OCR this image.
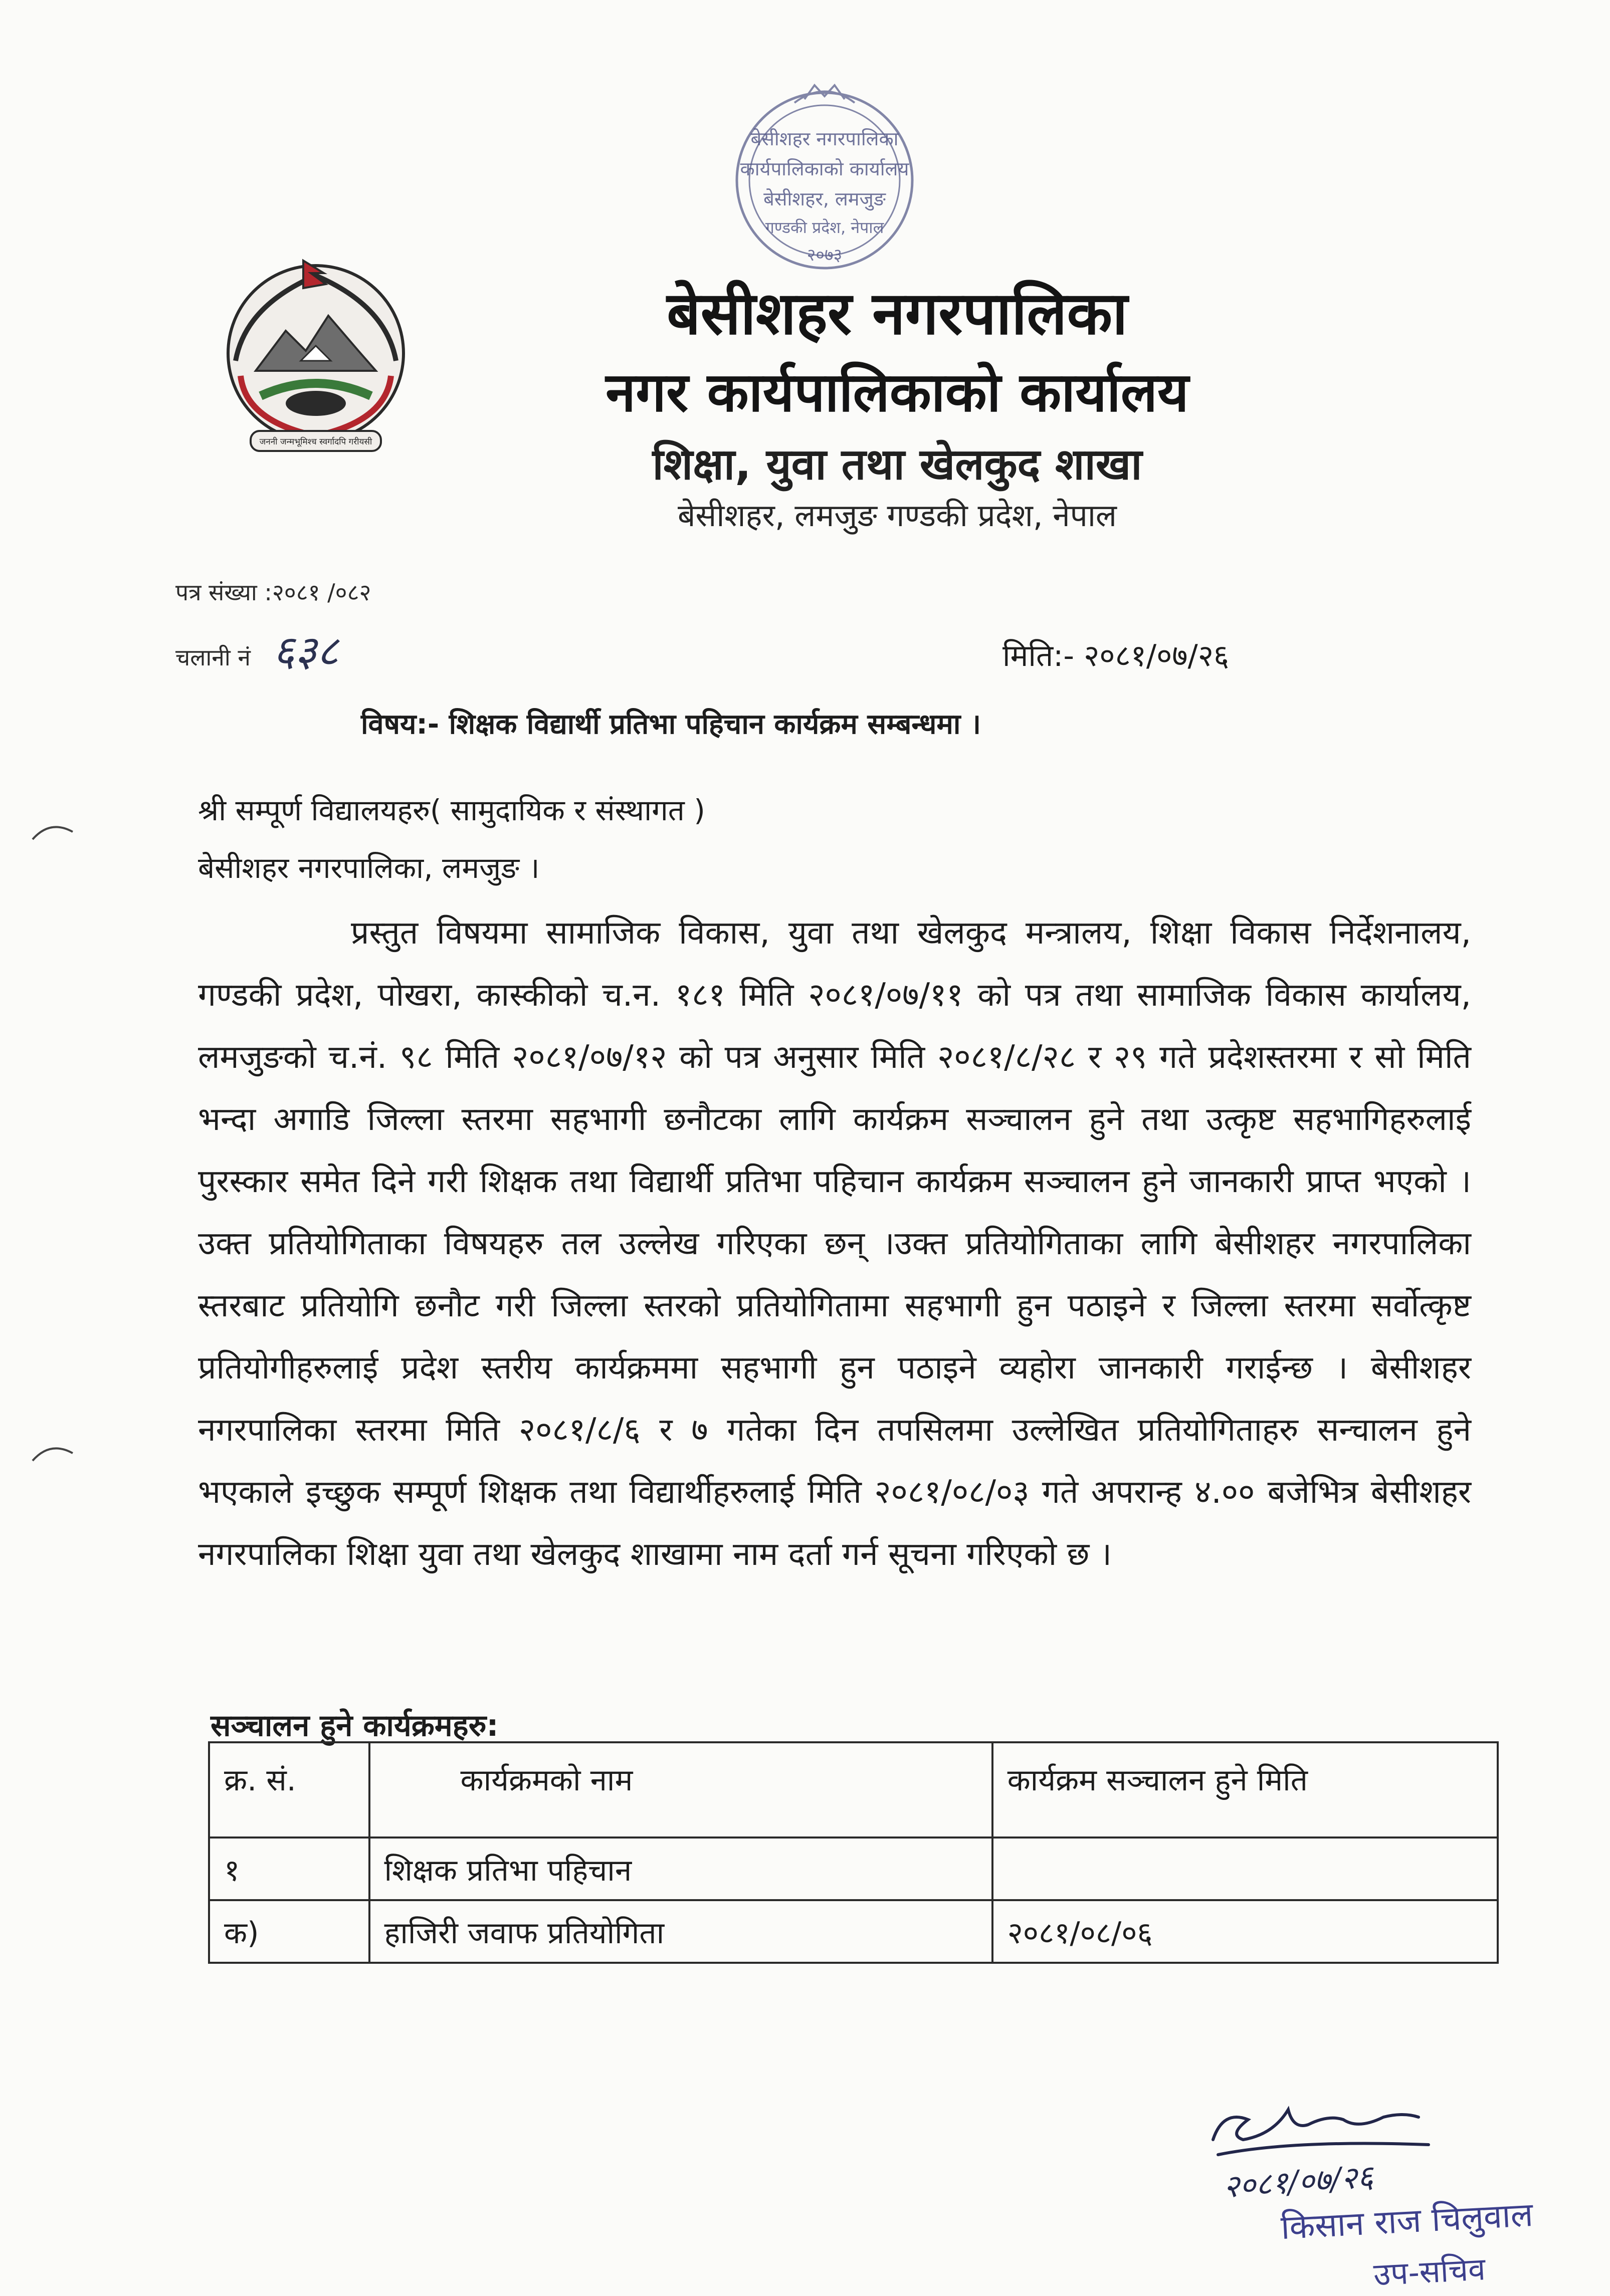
बेसीशहर नगरपालिका
कार्यपालिकाको कार्यालय
बेसीशहर, लमजुङ
गण्डकी प्रदेश, नेपाल
२०७३
जननी जन्मभूमिश्च स्वर्गादपि गरीयसी
बेसीशहर नगरपालिका
नगर कार्यपालिकाको कार्यालय
शिक्षा, युवा तथा खेलकुद शाखा
बेसीशहर, लमजुङ गण्डकी प्रदेश, नेपाल
पत्र संख्या :२०८१ /०८२
चलानी नं ६३८	मिति:- २०८१/०७/२६
विषय:- शिक्षक विद्यार्थी प्रतिभा पहिचान कार्यक्रम सम्बन्धमा ।
श्री सम्पूर्ण विद्यालयहरु( सामुदायिक र संस्थागत )
बेसीशहर नगरपालिका, लमजुङ ।
प्रस्तुत विषयमा सामाजिक विकास, युवा तथा खेलकुद मन्त्रालय, शिक्षा विकास निर्देशनालय, गण्डकी प्रदेश, पोखरा, कास्कीको च.न. १८१ मिति २०८१/०७/११ को पत्र तथा सामाजिक विकास कार्यालय, लमजुङको च.नं. ९८ मिति २०८१/०७/१२ को पत्र अनुसार मिति २०८१/८/२८ र २९ गते प्रदेशस्तरमा र सो मिति भन्दा अगाडि जिल्ला स्तरमा सहभागी छनौटका लागि कार्यक्रम सञ्चालन हुने तथा उत्कृष्ट सहभागिहरुलाई पुरस्कार समेत दिने गरी शिक्षक तथा विद्यार्थी प्रतिभा पहिचान कार्यक्रम सञ्चालन हुने जानकारी प्राप्त भएको । उक्त प्रतियोगिताका विषयहरु तल उल्लेख गरिएका छन् ।उक्त प्रतियोगिताका लागि बेसीशहर नगरपालिका स्तरबाट प्रतियोगि छनौट गरी जिल्ला स्तरको प्रतियोगितामा सहभागी हुन पठाइने र जिल्ला स्तरमा सर्वोत्कृष्ट प्रतियोगीहरुलाई प्रदेश स्तरीय कार्यक्रममा सहभागी हुन पठाइने व्यहोरा जानकारी गराईन्छ । बेसीशहर नगरपालिका स्तरमा मिति २०८१/८/६ र ७ गतेका दिन तपसिलमा उल्लेखित प्रतियोगिताहरु सन्चालन हुने भएकाले इच्छुक सम्पूर्ण शिक्षक तथा विद्यार्थीहरुलाई मिति २०८१/०८/०३ गते अपरान्ह ४.०० बजेभित्र बेसीशहर नगरपालिका शिक्षा युवा तथा खेलकुद शाखामा नाम दर्ता गर्न सूचना गरिएको छ ।
सञ्चालन हुने कार्यक्रमहरु:
क्र. सं.	कार्यक्रमको नाम	कार्यक्रम सञ्चालन हुने मिति
१	शिक्षक प्रतिभा पहिचान	
क)	हाजिरी जवाफ प्रतियोगिता	२०८१/०८/०६
२०८१/०७/२६
किसान राज चिलुवाल
उप-सचिव
